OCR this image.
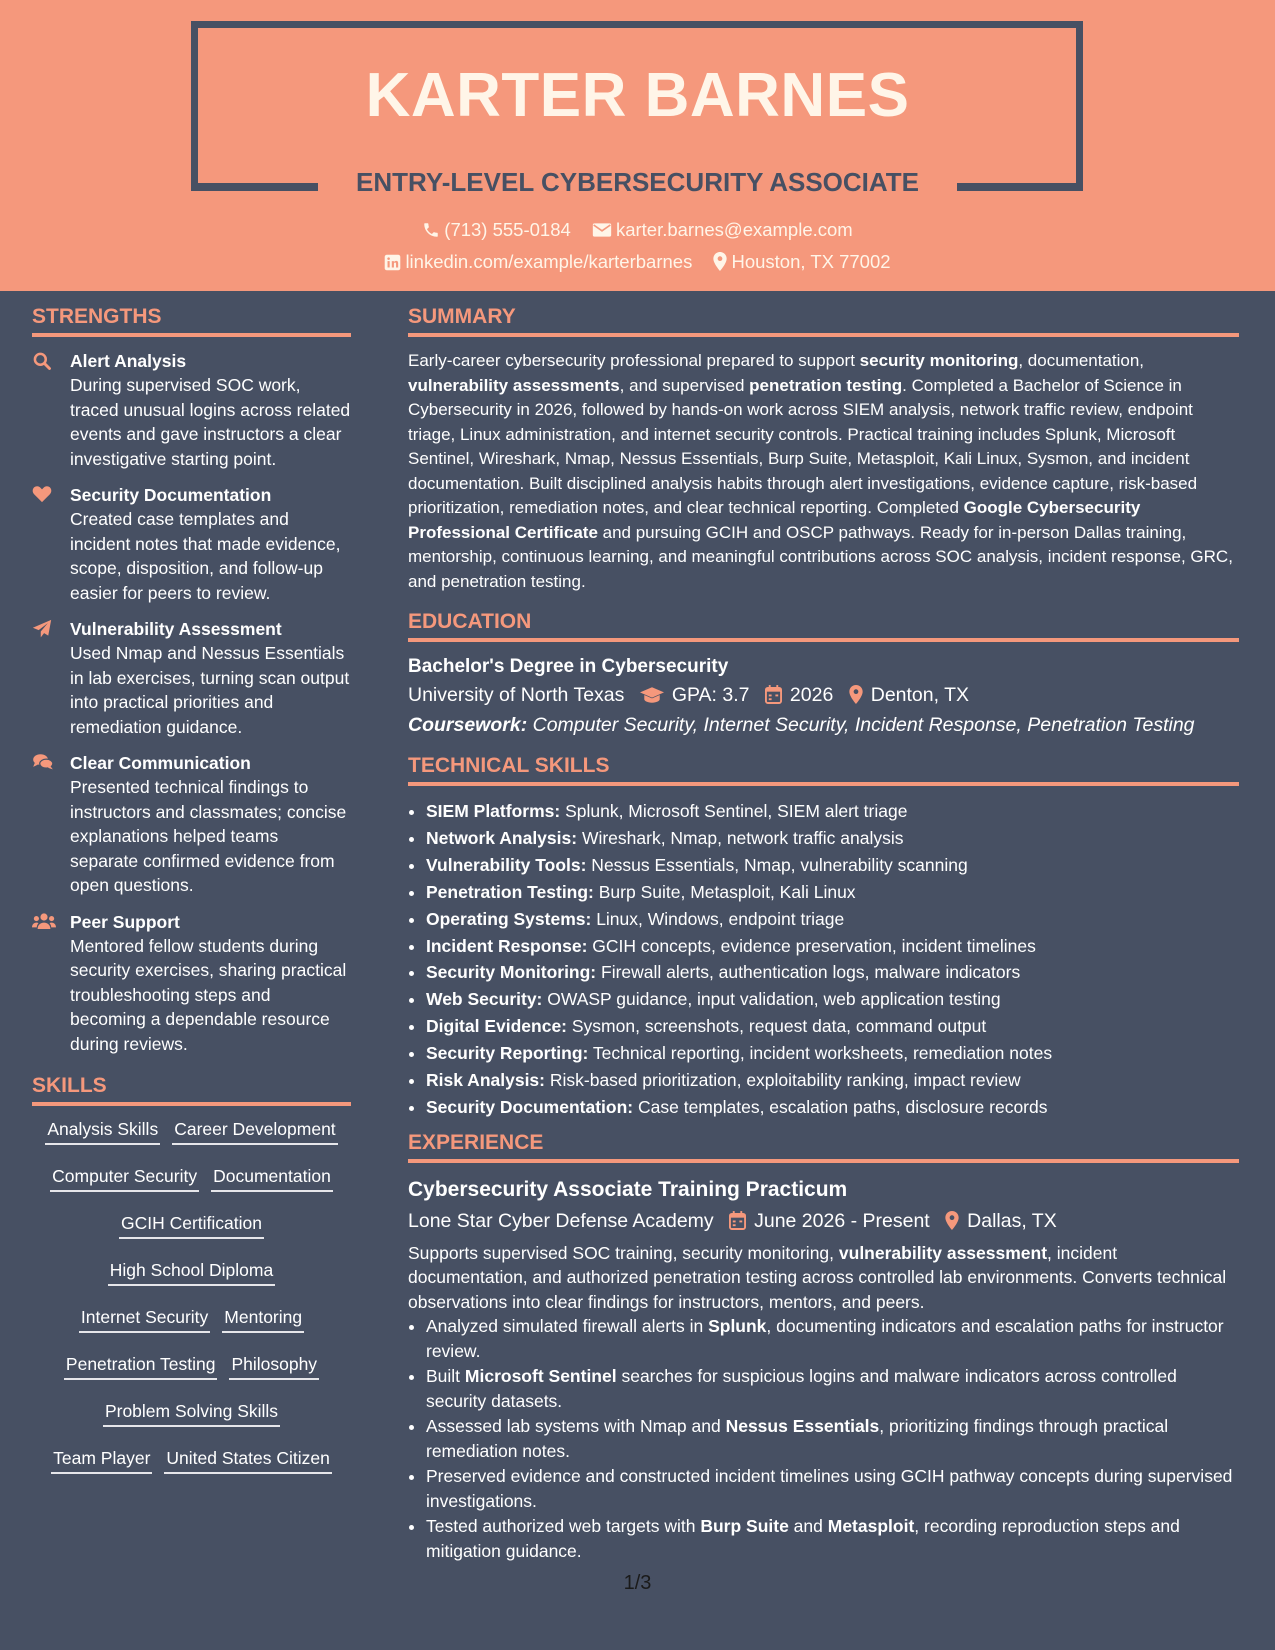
KARTER BARNES
ENTRY-LEVEL CYBERSECURITY ASSOCIATE
(713) 555-0184 karter.barnes@example.com
linkedin.com/example/karterbarnes Houston, TX 77002
STRENGTHS
Alert Analysis
During supervised SOC work, traced unusual logins across related events and gave instructors a clear investigative starting point.
Security Documentation
Created case templates and incident notes that made evidence, scope, disposition, and follow-up easier for peers to review.
Vulnerability Assessment
Used Nmap and Nessus Essentials in lab exercises, turning scan output into practical priorities and remediation guidance.
Clear Communication
Presented technical findings to instructors and classmates; concise explanations helped teams separate confirmed evidence from open questions.
Peer Support
Mentored fellow students during security exercises, sharing practical troubleshooting steps and becoming a dependable resource during reviews.
SKILLS
Analysis Skills Career Development
Computer Security Documentation
GCIH Certification
High School Diploma
Internet Security Mentoring
Penetration Testing Philosophy
Problem Solving Skills
Team Player United States Citizen
SUMMARY

Early-career cybersecurity professional prepared to support security monitoring, documentation, vulnerability assessments, and supervised penetration testing. Completed a Bachelor of Science in Cybersecurity in 2026, followed by hands-on work across SIEM analysis, network traffic review, endpoint triage, Linux administration, and internet security controls. Practical training includes Splunk, Microsoft Sentinel, Wireshark, Nmap, Nessus Essentials, Burp Suite, Metasploit, Kali Linux, Sysmon, and incident documentation. Built disciplined analysis habits through alert investigations, evidence capture, risk-based prioritization, remediation notes, and clear technical reporting. Completed Google Cybersecurity Professional Certificate and pursuing GCIH and OSCP pathways. Ready for in-person Dallas training, mentorship, continuous learning, and meaningful contributions across SOC analysis, incident response, GRC, and penetration testing.

EDUCATION
Bachelor's Degree in Cybersecurity
University of North Texas GPA: 3.7 2026 Denton, TX
Coursework: Computer Security, Internet Security, Incident Response, Penetration Testing
TECHNICAL SKILLS
• SIEM Platforms: Splunk, Microsoft Sentinel, SIEM alert triage
• Network Analysis: Wireshark, Nmap, network traffic analysis
• Vulnerability Tools: Nessus Essentials, Nmap, vulnerability scanning
• Penetration Testing: Burp Suite, Metasploit, Kali Linux
• Operating Systems: Linux, Windows, endpoint triage
• Incident Response: GCIH concepts, evidence preservation, incident timelines
• Security Monitoring: Firewall alerts, authentication logs, malware indicators
• Web Security: OWASP guidance, input validation, web application testing
• Digital Evidence: Sysmon, screenshots, request data, command output
• Security Reporting: Technical reporting, incident worksheets, remediation notes
• Risk Analysis: Risk-based prioritization, exploitability ranking, impact review
• Security Documentation: Case templates, escalation paths, disclosure records
EXPERIENCE
Cybersecurity Associate Training Practicum
Lone Star Cyber Defense Academy June 2026 - Present Dallas, TX

Supports supervised SOC training, security monitoring, vulnerability assessment, incident documentation, and authorized penetration testing across controlled lab environments. Converts technical observations into clear findings for instructors, mentors, and peers.

• Analyzed simulated firewall alerts in Splunk, documenting indicators and escalation paths for instructor review.
• Built Microsoft Sentinel searches for suspicious logins and malware indicators across controlled security datasets.
• Assessed lab systems with Nmap and Nessus Essentials, prioritizing findings through practical remediation notes.
• Preserved evidence and constructed incident timelines using GCIH pathway concepts during supervised investigations.
• Tested authorized web targets with Burp Suite and Metasploit, recording reproduction steps and mitigation guidance.
1/3
